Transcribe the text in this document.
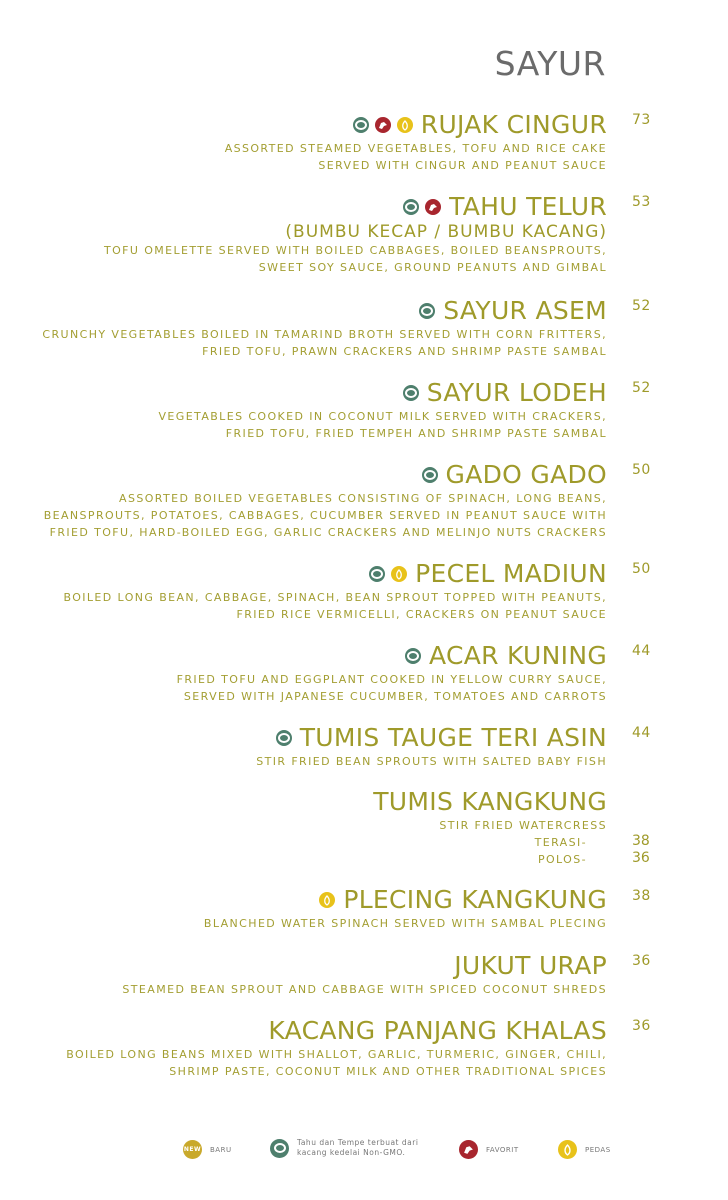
SAYUR
RUJAK CINGUR
ASSORTED STEAMED VEGETABLES, TOFU AND RICE CAKE
SERVED WITH CINGUR AND PEANUT SAUCE
73
TAHU TELUR
(BUMBU KECAP / BUMBU KACANG)
TOFU OMELETTE SERVED WITH BOILED CABBAGES, BOILED BEANSPROUTS,
SWEET SOY SAUCE, GROUND PEANUTS AND GIMBAL
53
SAYUR ASEM
CRUNCHY VEGETABLES BOILED IN TAMARIND BROTH SERVED WITH CORN FRITTERS,
FRIED TOFU, PRAWN CRACKERS AND SHRIMP PASTE SAMBAL
52
SAYUR LODEH
VEGETABLES COOKED IN COCONUT MILK SERVED WITH CRACKERS,
FRIED TOFU, FRIED TEMPEH AND SHRIMP PASTE SAMBAL
52
GADO GADO
ASSORTED BOILED VEGETABLES CONSISTING OF SPINACH, LONG BEANS,
BEANSPROUTS, POTATOES, CABBAGES, CUCUMBER SERVED IN PEANUT SAUCE WITH
FRIED TOFU, HARD-BOILED EGG, GARLIC CRACKERS AND MELINJO NUTS CRACKERS
50
PECEL MADIUN
BOILED LONG BEAN, CABBAGE, SPINACH, BEAN SPROUT TOPPED WITH PEANUTS,
FRIED RICE VERMICELLI, CRACKERS ON PEANUT SAUCE
50
ACAR KUNING
FRIED TOFU AND EGGPLANT COOKED IN YELLOW CURRY SAUCE,
SERVED WITH JAPANESE CUCUMBER, TOMATOES AND CARROTS
44
TUMIS TAUGE TERI ASIN
STIR FRIED BEAN SPROUTS WITH SALTED BABY FISH
44
TUMIS KANGKUNG
STIR FRIED WATERCRESS
TERASI-
POLOS-
38
36
PLECING KANGKUNG
BLANCHED WATER SPINACH SERVED WITH SAMBAL PLECING
38
JUKUT URAP
STEAMED BEAN SPROUT AND CABBAGE WITH SPICED COCONUT SHREDS
36
KACANG PANJANG KHALAS
BOILED LONG BEANS MIXED WITH SHALLOT, GARLIC, TURMERIC, GINGER, CHILI,
SHRIMP PASTE, COCONUT MILK AND OTHER TRADITIONAL SPICES
36
NEW BARU
Tahu dan Tempe terbuat dari
kacang kedelai Non-GMO.	FAVORIT	PEDAS
